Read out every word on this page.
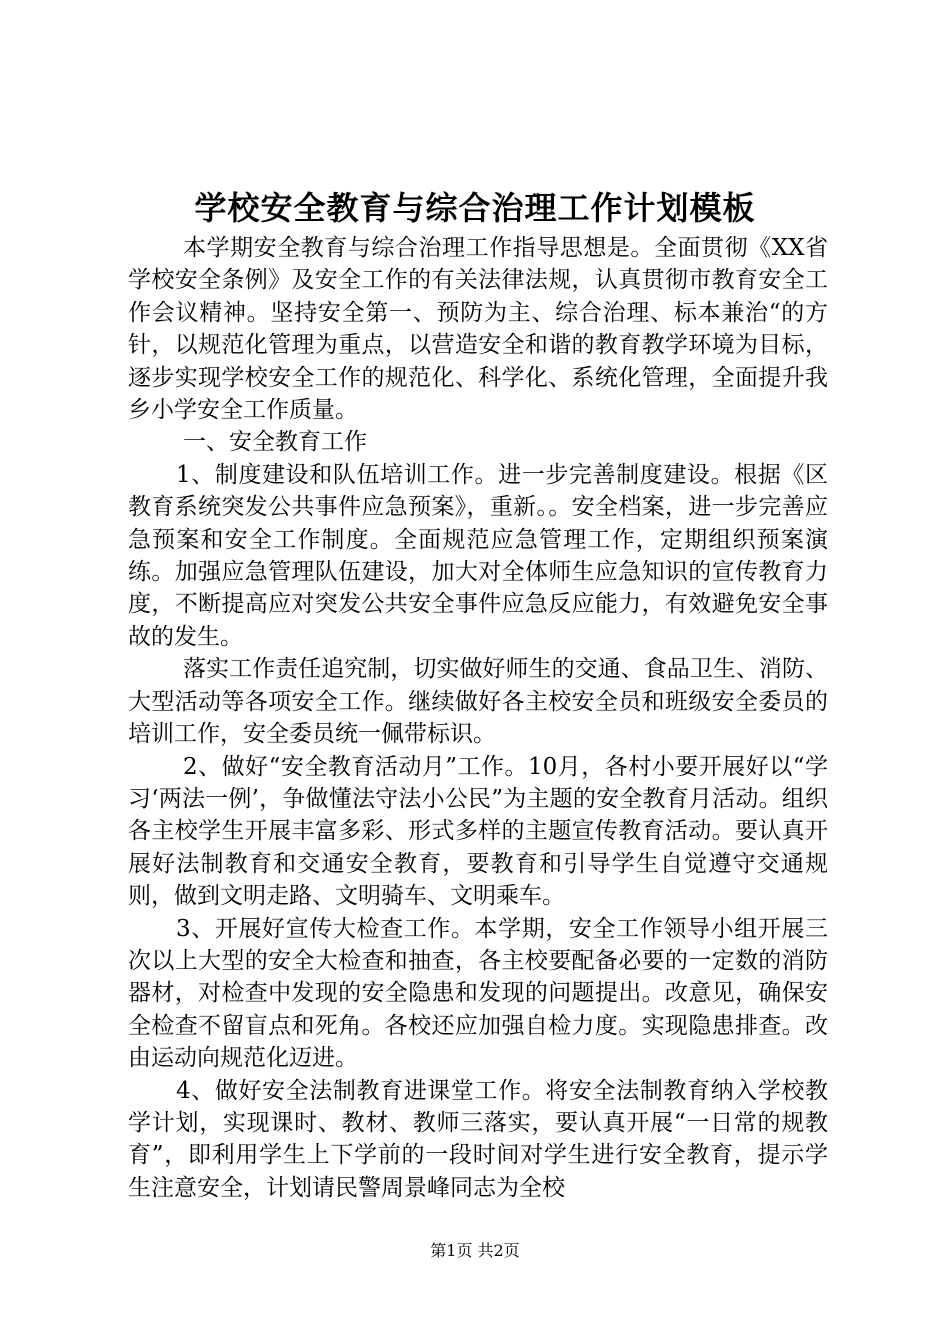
学校安全教育与综合治理工作计划模板

本学期安全教育与综合治理工作指导思想是。全面贯彻《XX省学校安全条例》及安全工作的有关法律法规，认真贯彻市教育安全工作会议精神。坚持安全第一、预防为主、综合治理、标本兼治“的方针，以规范化管理为重点，以营造安全和谐的教育教学环境为目标，逐步实现学校安全工作的规范化、科学化、系统化管理，全面提升我乡小学安全工作质量。

一、安全教育工作

1、制度建设和队伍培训工作。进一步完善制度建设。根据《区教育系统突发公共事件应急预案》，重新。。安全档案，进一步完善应急预案和安全工作制度。全面规范应急管理工作，定期组织预案演练。加强应急管理队伍建设，加大对全体师生应急知识的宣传教育力度，不断提高应对突发公共安全事件应急反应能力，有效避免安全事故的发生。

落实工作责任追究制，切实做好师生的交通、食品卫生、消防、大型活动等各项安全工作。继续做好各主校安全员和班级安全委员的培训工作，安全委员统一佩带标识。

2、做好“安全教育活动月”工作。10月，各村小要开展好以“学习‘两法一例’，争做懂法守法小公民”为主题的安全教育月活动。组织各主校学生开展丰富多彩、形式多样的主题宣传教育活动。要认真开展好法制教育和交通安全教育，要教育和引导学生自觉遵守交通规则，做到文明走路、文明骑车、文明乘车。

3、开展好宣传大检查工作。本学期，安全工作领导小组开展三次以上大型的安全大检查和抽查，各主校要配备必要的一定数的消防器材，对检查中发现的安全隐患和发现的问题提出。改意见，确保安全检查不留盲点和死角。各校还应加强自检力度。实现隐患排查。改由运动向规范化迈进。

4、做好安全法制教育进课堂工作。将安全法制教育纳入学校教学计划，实现课时、教材、教师三落实，要认真开展“一日常的规教育”，即利用学生上下学前的一段时间对学生进行安全教育，提示学生注意安全，计划请民警周景峰同志为全校

第1页 共2页
